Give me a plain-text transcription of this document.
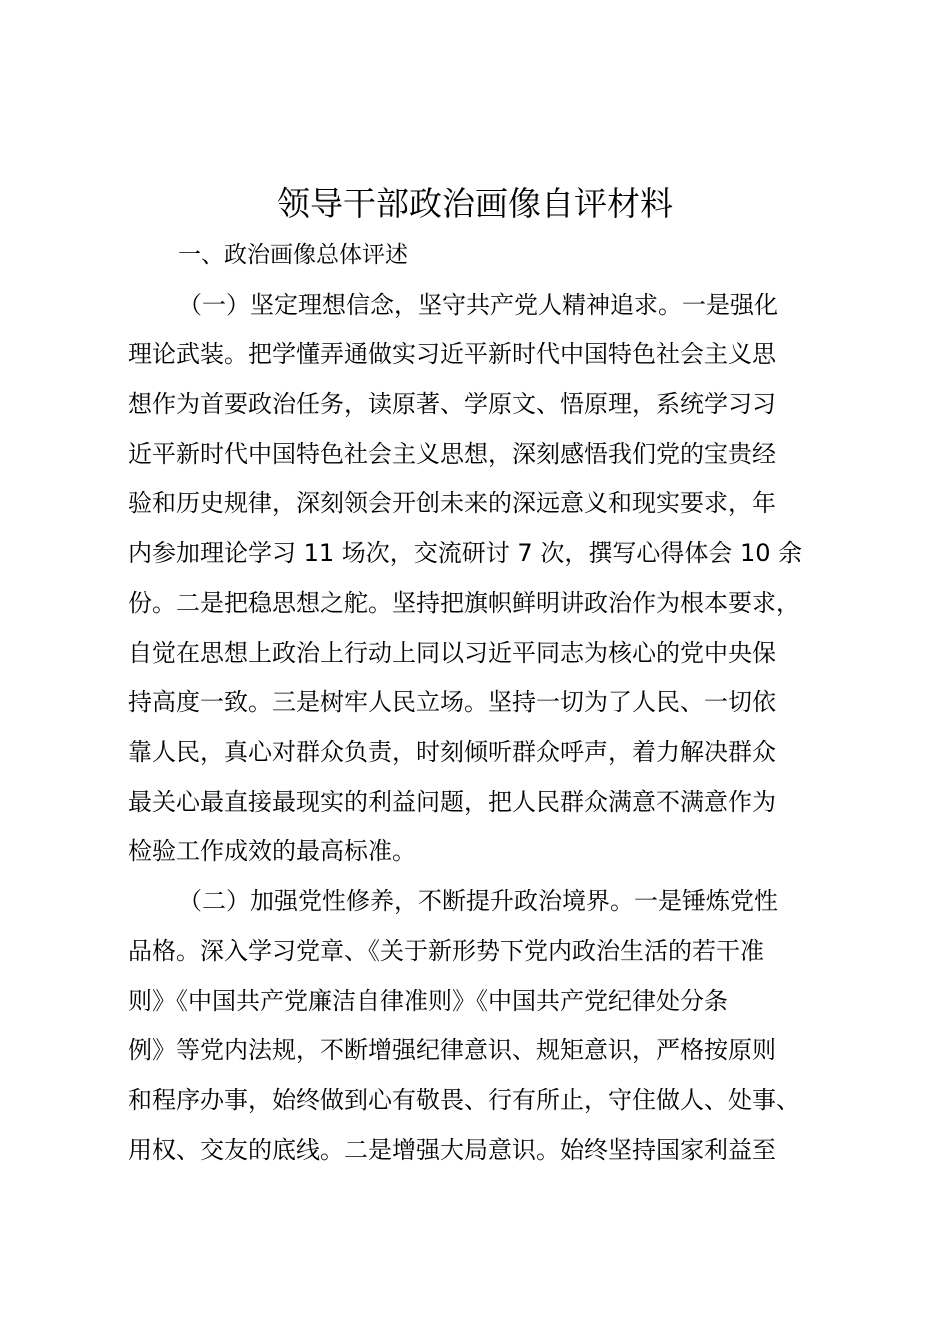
领导干部政治画像自评材料

一、政治画像总体评述

（一）坚定理想信念，坚守共产党人精神追求。一是强化

理论武装。把学懂弄通做实习近平新时代中国特色社会主义思

想作为首要政治任务，读原著、学原文、悟原理，系统学习习

近平新时代中国特色社会主义思想，深刻感悟我们党的宝贵经

验和历史规律，深刻领会开创未来的深远意义和现实要求，年

内参加理论学习 11 场次，交流研讨 7 次，撰写心得体会 10 余

份。二是把稳思想之舵。坚持把旗帜鲜明讲政治作为根本要求，

自觉在思想上政治上行动上同以习近平同志为核心的党中央保

持高度一致。三是树牢人民立场。坚持一切为了人民、一切依

靠人民，真心对群众负责，时刻倾听群众呼声，着力解决群众

最关心最直接最现实的利益问题，把人民群众满意不满意作为

检验工作成效的最高标准。

（二）加强党性修养，不断提升政治境界。一是锤炼党性

品格。深入学习党章、《关于新形势下党内政治生活的若干准

则》《中国共产党廉洁自律准则》《中国共产党纪律处分条

例》等党内法规，不断增强纪律意识、规矩意识，严格按原则

和程序办事，始终做到心有敬畏、行有所止，守住做人、处事、

用权、交友的底线。二是增强大局意识。始终坚持国家利益至
